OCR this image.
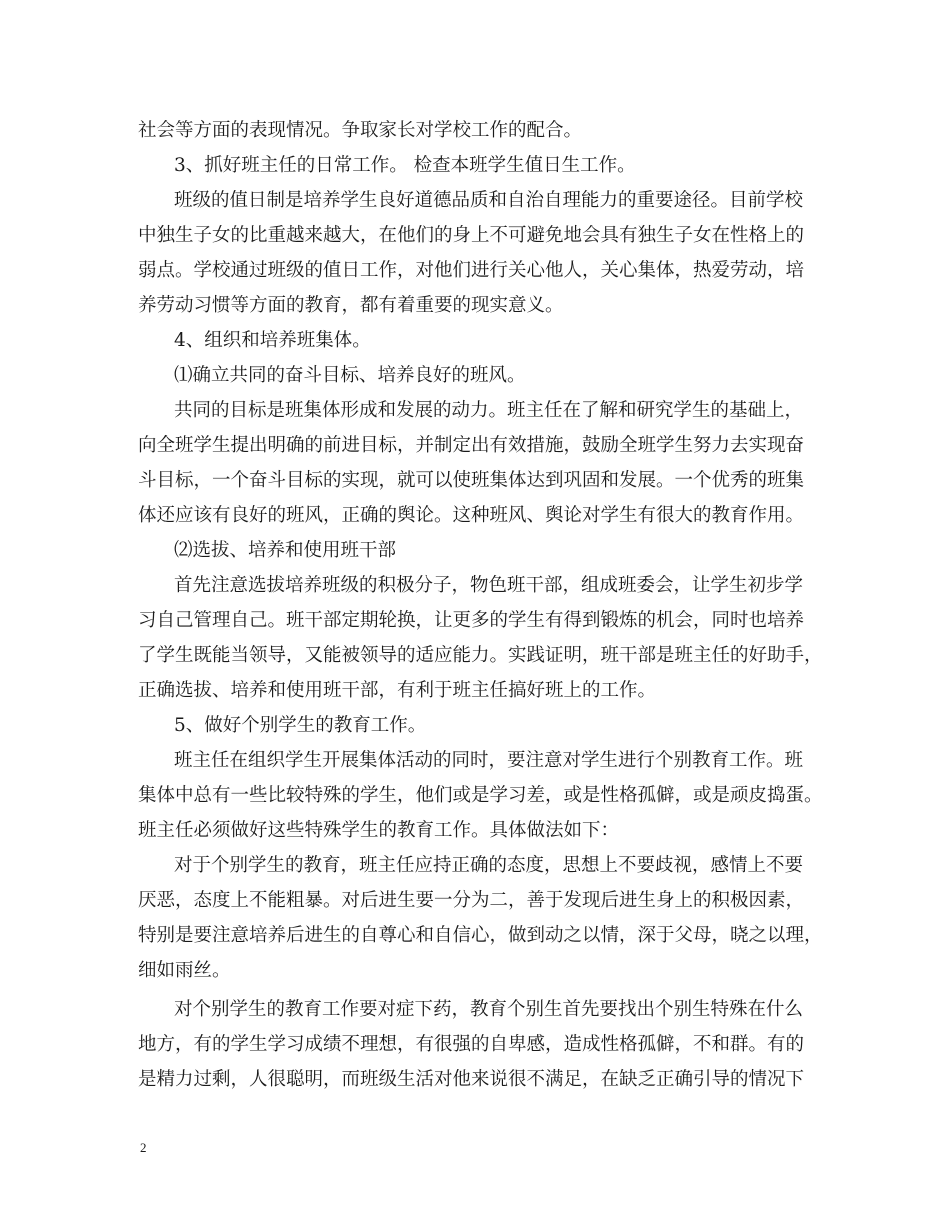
社会等方面的表现情况。争取家长对学校工作的配合。

3、抓好班主任的日常工作。 检查本班学生值日生工作。

班级的值日制是培养学生良好道德品质和自治自理能力的重要途径。目前学校

中独生子女的比重越来越大，在他们的身上不可避免地会具有独生子女在性格上的

弱点。学校通过班级的值日工作，对他们进行关心他人，关心集体，热爱劳动，培

养劳动习惯等方面的教育，都有着重要的现实意义。

4、组织和培养班集体。

⑴确立共同的奋斗目标、培养良好的班风。

共同的目标是班集体形成和发展的动力。班主任在了解和研究学生的基础上，

向全班学生提出明确的前进目标，并制定出有效措施，鼓励全班学生努力去实现奋

斗目标，一个奋斗目标的实现，就可以使班集体达到巩固和发展。一个优秀的班集

体还应该有良好的班风，正确的舆论。这种班风、舆论对学生有很大的教育作用。

⑵选拔、培养和使用班干部

首先注意选拔培养班级的积极分子，物色班干部，组成班委会，让学生初步学

习自己管理自己。班干部定期轮换，让更多的学生有得到锻炼的机会，同时也培养

了学生既能当领导，又能被领导的适应能力。实践证明，班干部是班主任的好助手，

正确选拔、培养和使用班干部，有利于班主任搞好班上的工作。

5、做好个别学生的教育工作。

班主任在组织学生开展集体活动的同时，要注意对学生进行个别教育工作。班

集体中总有一些比较特殊的学生，他们或是学习差，或是性格孤僻，或是顽皮捣蛋。

班主任必须做好这些特殊学生的教育工作。具体做法如下：

对于个别学生的教育，班主任应持正确的态度，思想上不要歧视，感情上不要

厌恶，态度上不能粗暴。对后进生要一分为二，善于发现后进生身上的积极因素，

特别是要注意培养后进生的自尊心和自信心，做到动之以情，深于父母，晓之以理，

细如雨丝。

对个别学生的教育工作要对症下药，教育个别生首先要找出个别生特殊在什么

地方，有的学生学习成绩不理想，有很强的自卑感，造成性格孤僻，不和群。有的

是精力过剩，人很聪明，而班级生活对他来说很不满足，在缺乏正确引导的情况下

2
